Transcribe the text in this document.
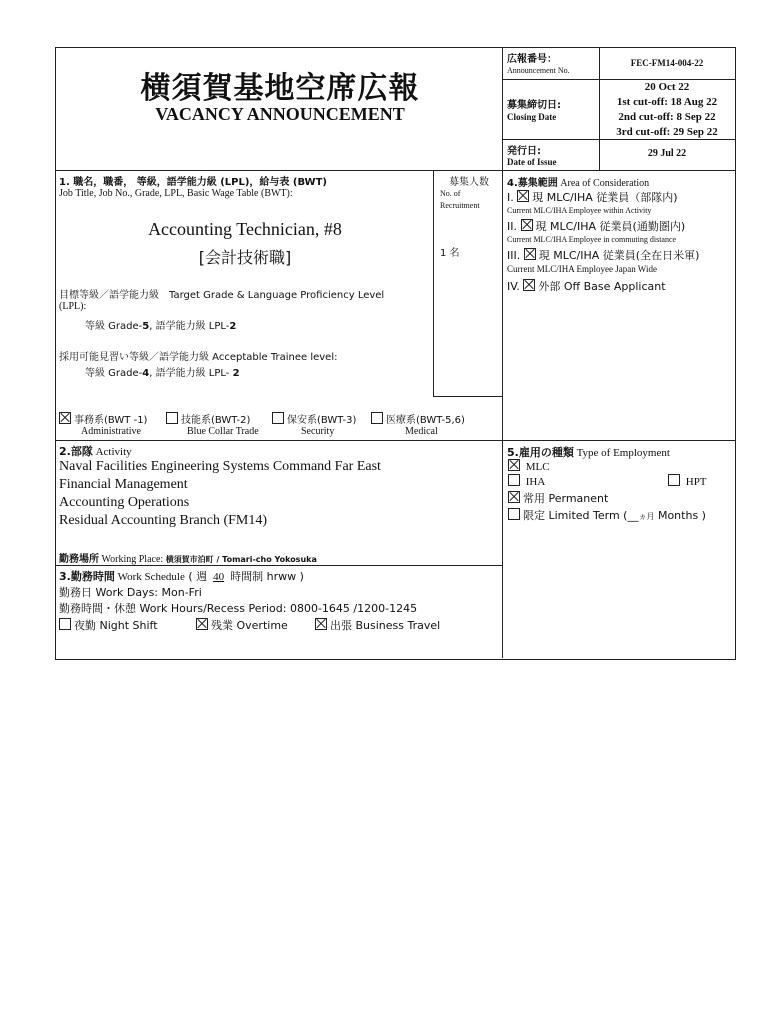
横須賀基地空席広報
VACANCY ANNOUNCEMENT
広報番号：
Announcement No.
FEC-FM14-004-22
募集締切日:
Closing Date
20 Oct 22
1st cut-off: 18 Aug 22
2nd cut-off: 8 Sep 22
3rd cut-off: 29 Sep 22
発行日:
Date of Issue
29 Jul 22
1. 職名，職番， 等級，語学能力級 (LPL)，給与表 (BWT)
Job Title, Job No., Grade, LPL, Basic Wage Table (BWT):
Accounting Technician, #8
[会計技術職]
目標等級／語学能力級　Target Grade & Language Proficiency Level
(LPL):
等級 Grade-5, 語学能力級 LPL-2
採用可能見習い等級／語学能力級 Acceptable Trainee level:
等級 Grade-4, 語学能力級 LPL- 2
事務系(BWT -1)	技能系(BWT-2)	保安系(BWT-3)	医療系(BWT-5,6)
Administrative	Blue Collar Trade	Security	Medical
募集人数
No. of
Recruitment
1 名
4.募集範囲 Area of Consideration
I. 現 MLC/IHA 従業員（部隊内)
Current MLC/IHA Employee within Activity
II. 現 MLC/IHA 従業員(通勤圏内)
Current MLC/IHA Employee in commuting distance
III. 現 MLC/IHA 従業員(全在日米軍)
Current MLC/IHA Employee Japan Wide
IV. 外部 Off Base Applicant
2.部隊 Activity
Naval Facilities Engineering Systems Command Far East
Financial Management
Accounting Operations
Residual Accounting Branch (FM14)
勤務場所 Working Place: 横須賀市泊町 / Tomari-cho Yokosuka
5.雇用の種類 Type of Employment
MLC
IHA	HPT
常用 Permanent
限定 Limited Term (__ヵ月 Months )
3.勤務時間 Work Schedule ( 週 40 時間制 hrww )
勤務日 Work Days: Mon-Fri
勤務時間・休憩 Work Hours/Recess Period: 0800-1645 /1200-1245
夜勤 Night Shift	残業 Overtime	出張 Business Travel
